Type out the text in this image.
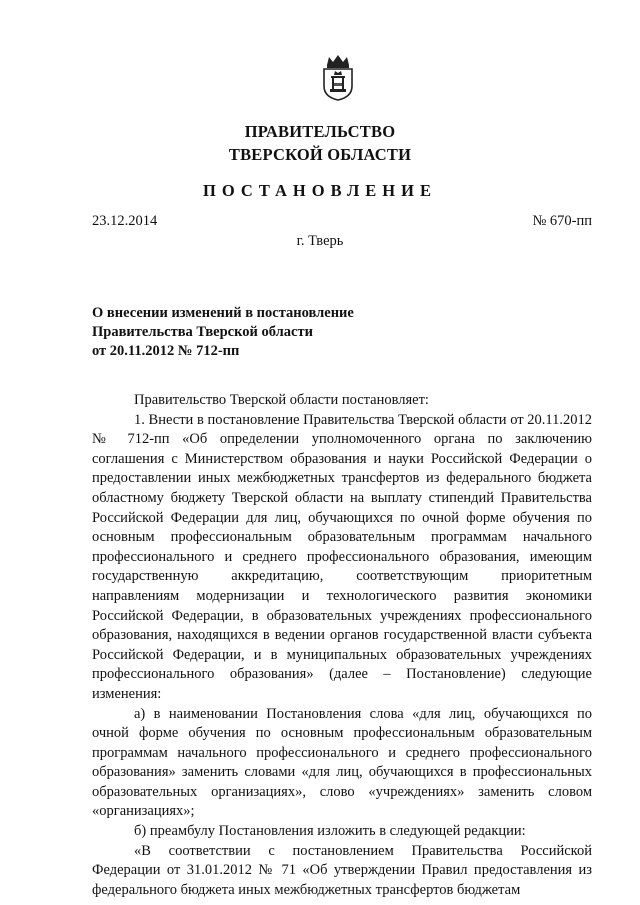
ПРАВИТЕЛЬСТВО
ТВЕРСКОЙ ОБЛАСТИ
ПОСТАНОВЛЕНИЕ
23.12.2014	№ 670-пп
г. Тверь
О внесении изменений в постановление
Правительства Тверской области
от 20.11.2012 № 712-пп

Правительство Тверской области постановляет:

1. Внести в постановление Правительства Тверской области от 20.11.2012 № 712-пп «Об определении уполномоченного органа по заключению соглашения с Министерством образования и науки Российской Федерации о предоставлении иных межбюджетных трансфертов из федерального бюджета областному бюджету Тверской области на выплату стипендий Правительства Российской Федерации для лиц, обучающихся по очной форме обучения по основным профессиональным образовательным программам начального профессионального и среднего профессионального образования, имеющим государственную аккредитацию, соответствующим приоритетным направлениям модернизации и технологического развития экономики Российской Федерации, в образовательных учреждениях профессионального образования, находящихся в ведении органов государственной власти субъекта Российской Федерации, и в муниципальных образовательных учреждениях профессионального образования» (далее – Постановление) следующие изменения:

а) в наименовании Постановления слова «для лиц, обучающихся по очной форме обучения по основным профессиональным образовательным программам начального профессионального и среднего профессионального образования» заменить словами «для лиц, обучающихся в профессиональных образовательных организациях», слово «учреждениях» заменить словом «организациях»;

б) преамбулу Постановления изложить в следующей редакции:

«В соответствии с постановлением Правительства Российской Федерации от 31.01.2012 № 71 «Об утверждении Правил предоставления из федерального бюджета иных межбюджетных трансфертов бюджетам
